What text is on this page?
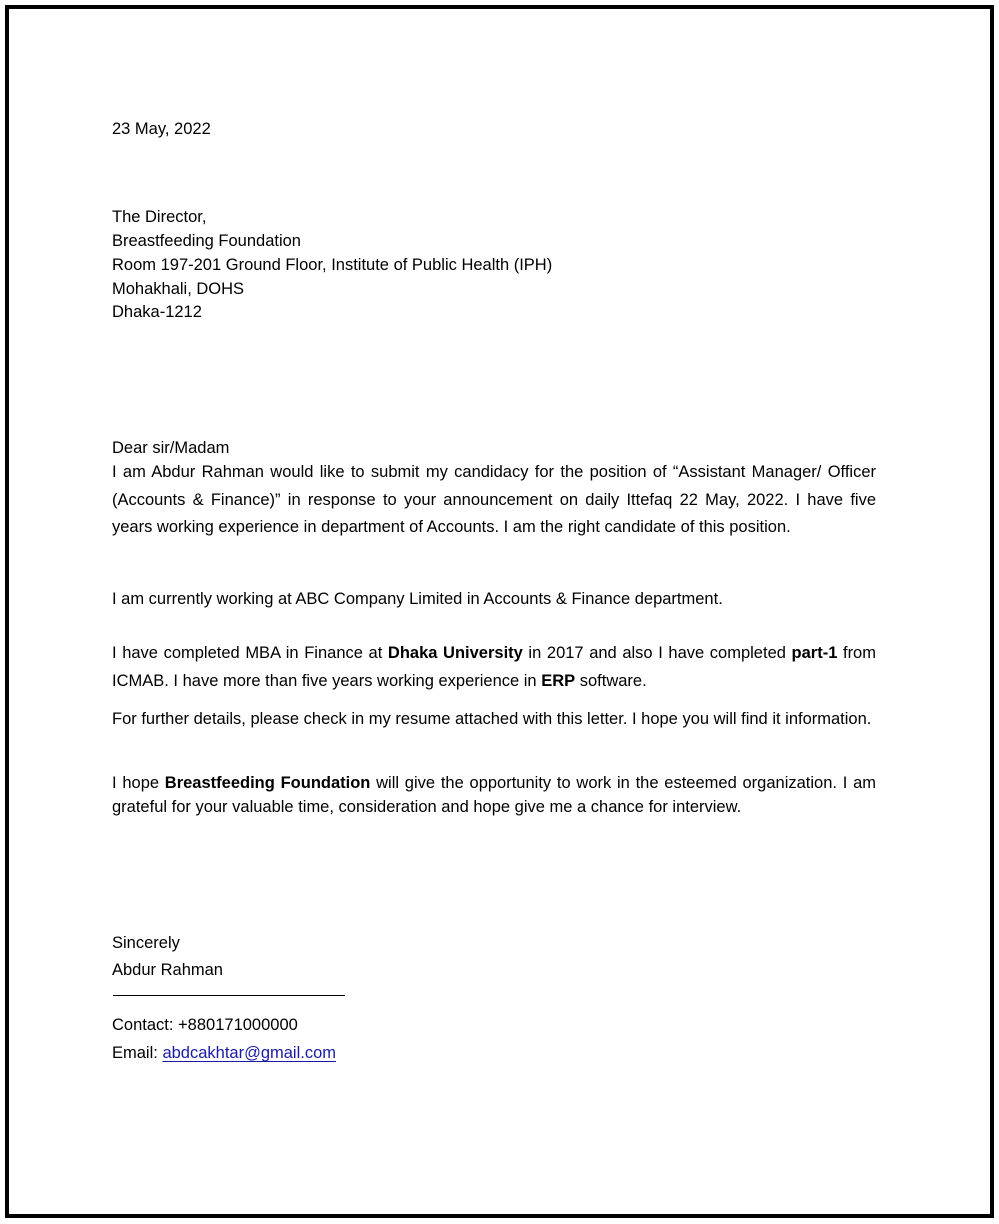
23 May, 2022
The Director,
Breastfeeding Foundation
Room 197-201 Ground Floor, Institute of Public Health (IPH)
Mohakhali, DOHS
Dhaka-1212
Dear sir/Madam
I am Abdur Rahman would like to submit my candidacy for the position of “Assistant Manager/ Officer (Accounts & Finance)” in response to your announcement on daily Ittefaq 22 May, 2022. I have five years working experience in department of Accounts. I am the right candidate of this position.
I am currently working at ABC Company Limited in Accounts & Finance department.
I have completed MBA in Finance at Dhaka University in 2017 and also I have completed part-1 from ICMAB. I have more than five years working experience in ERP software.
For further details, please check in my resume attached with this letter. I hope you will find it information.
I hope Breastfeeding Foundation will give the opportunity to work in the esteemed organization. I am grateful for your valuable time, consideration and hope give me a chance for interview.
Sincerely
Abdur Rahman
Contact: +880171000000
Email: abdcakhtar@gmail.com
